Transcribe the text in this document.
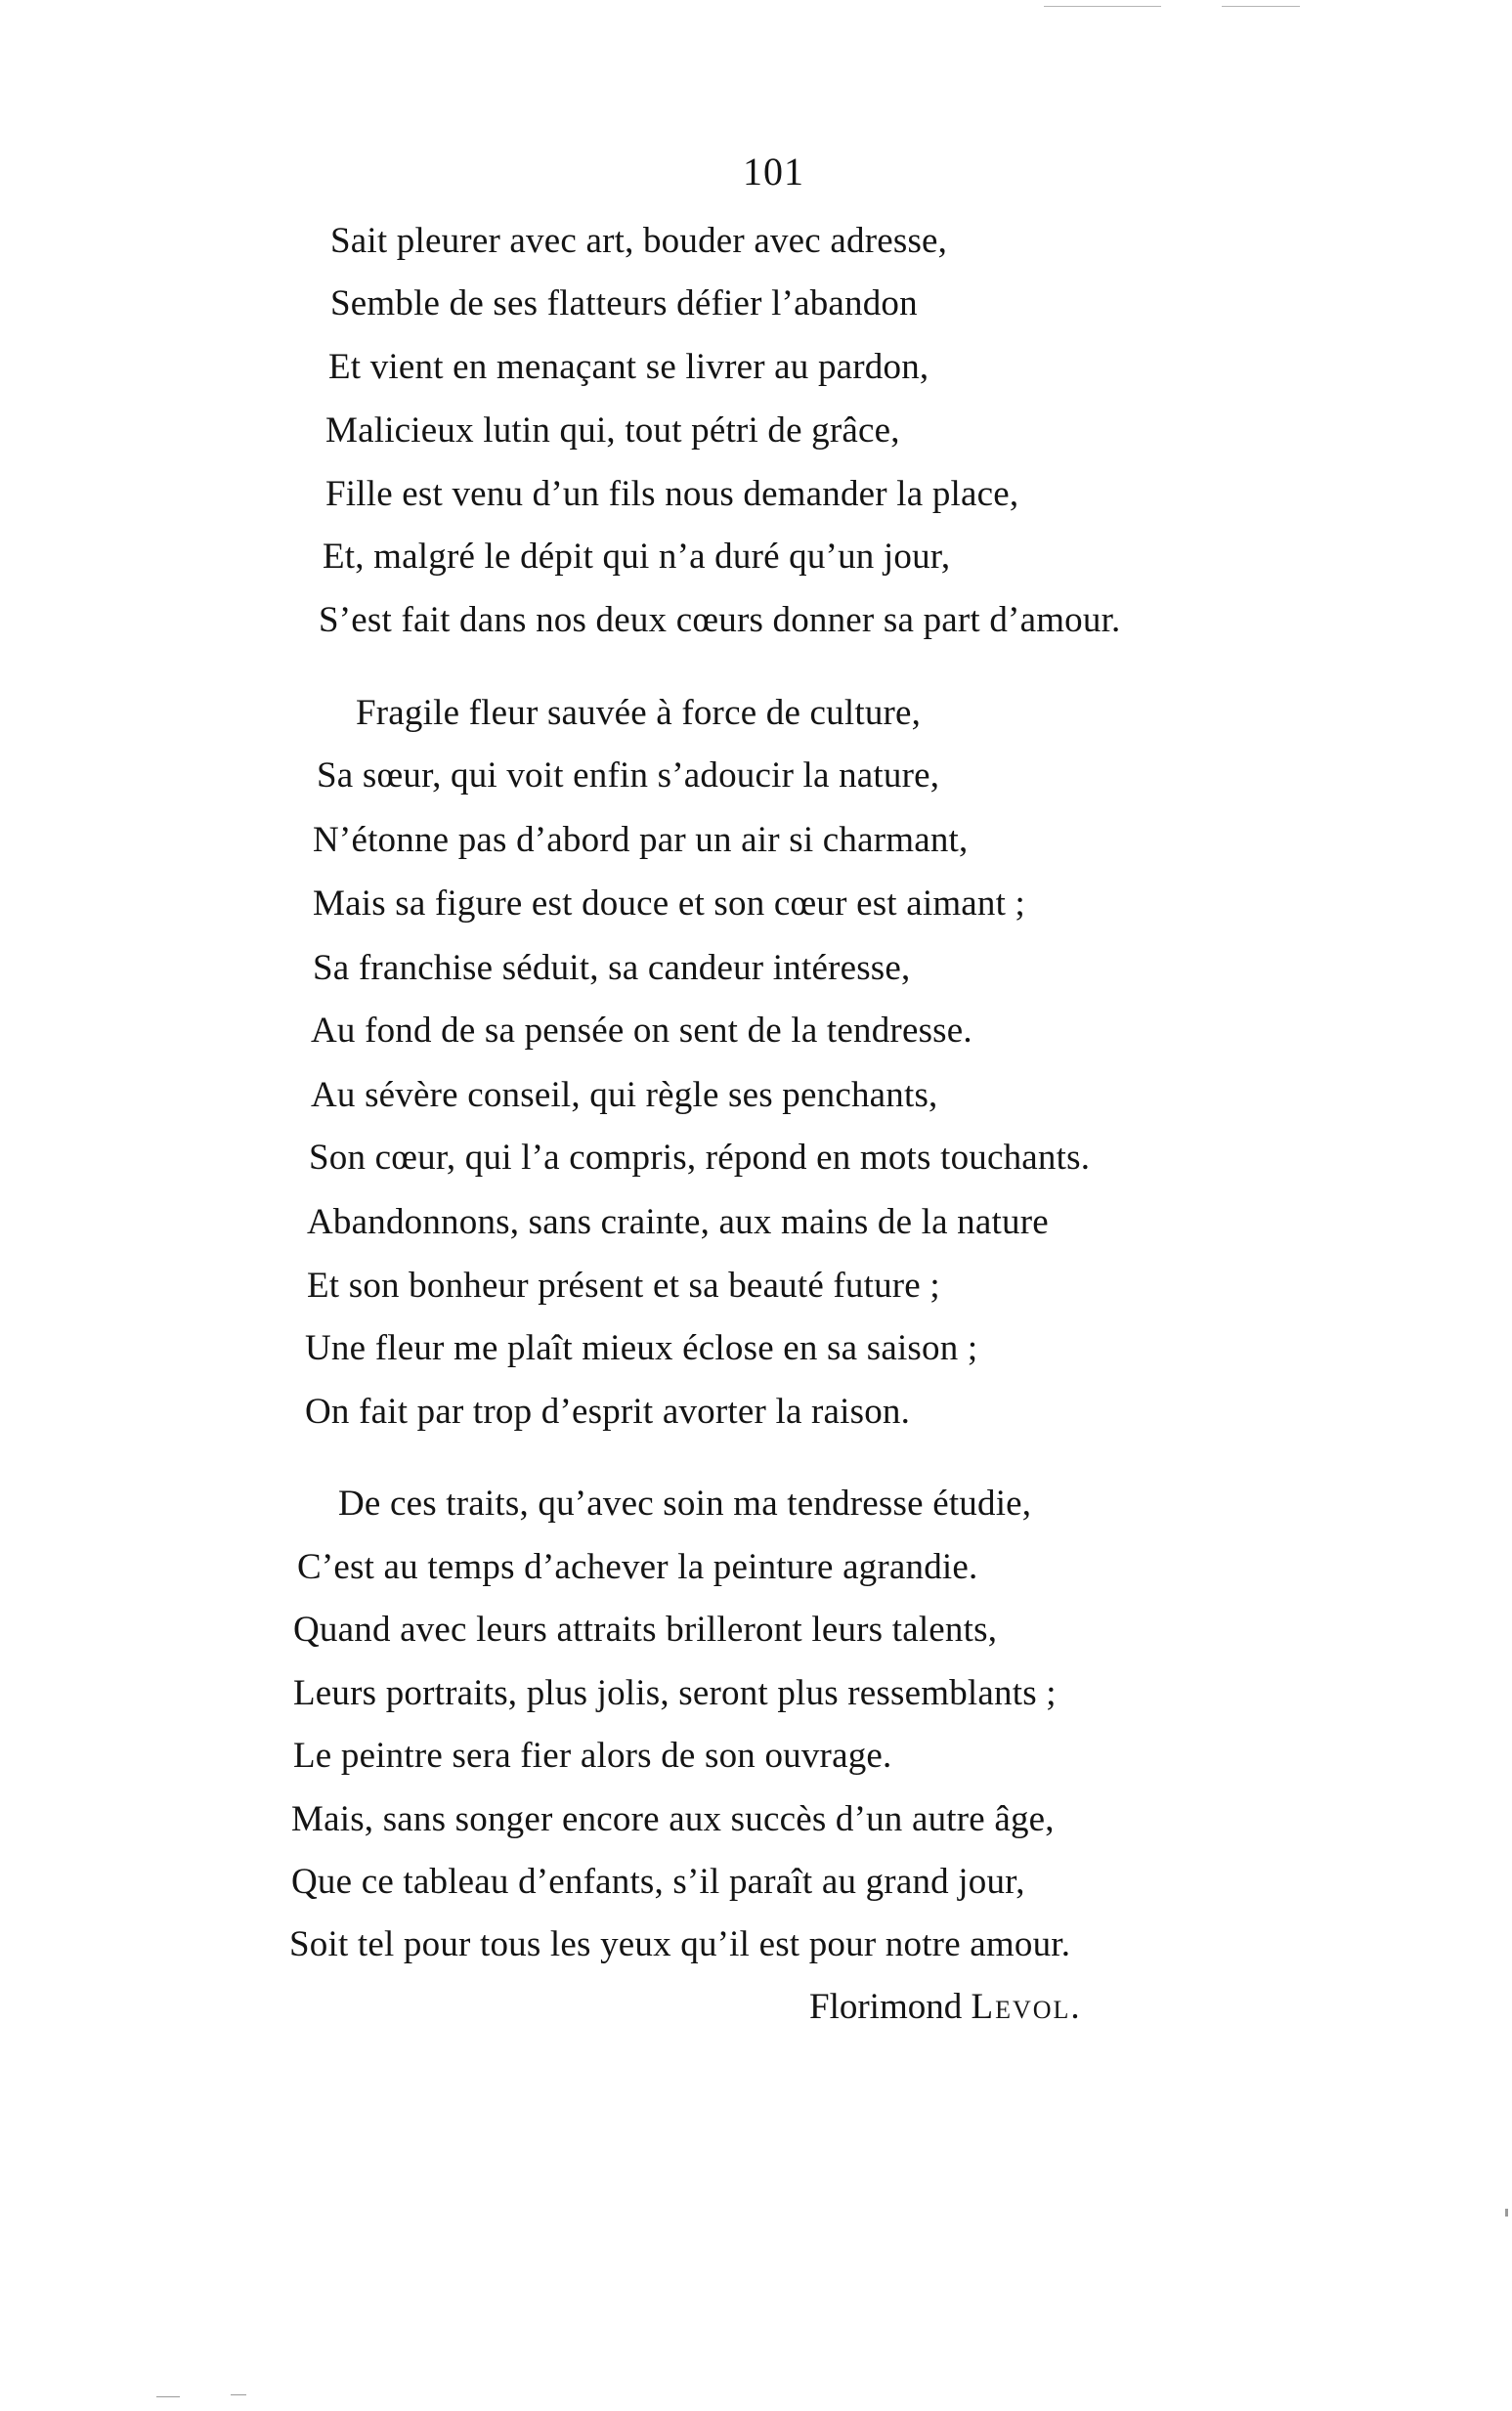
101
Sait pleurer avec art, bouder avec adresse,
Semble de ses flatteurs défier l’abandon
Et vient en menaçant se livrer au pardon,
Malicieux lutin qui, tout pétri de grâce,
Fille est venu d’un fils nous demander la place,
Et, malgré le dépit qui n’a duré qu’un jour,
S’est fait dans nos deux cœurs donner sa part d’amour.
Fragile fleur sauvée à force de culture,
Sa sœur, qui voit enfin s’adoucir la nature,
N’étonne pas d’abord par un air si charmant,
Mais sa figure est douce et son cœur est aimant ;
Sa franchise séduit, sa candeur intéresse,
Au fond de sa pensée on sent de la tendresse.
Au sévère conseil, qui règle ses penchants,
Son cœur, qui l’a compris, répond en mots touchants.
Abandonnons, sans crainte, aux mains de la nature
Et son bonheur présent et sa beauté future ;
Une fleur me plaît mieux éclose en sa saison ;
On fait par trop d’esprit avorter la raison.
De ces traits, qu’avec soin ma tendresse étudie,
C’est au temps d’achever la peinture agrandie.
Quand avec leurs attraits brilleront leurs talents,
Leurs portraits, plus jolis, seront plus ressemblants ;
Le peintre sera fier alors de son ouvrage.
Mais, sans songer encore aux succès d’un autre âge,
Que ce tableau d’enfants, s’il paraît au grand jour,
Soit tel pour tous les yeux qu’il est pour notre amour.
Florimond Levol.
